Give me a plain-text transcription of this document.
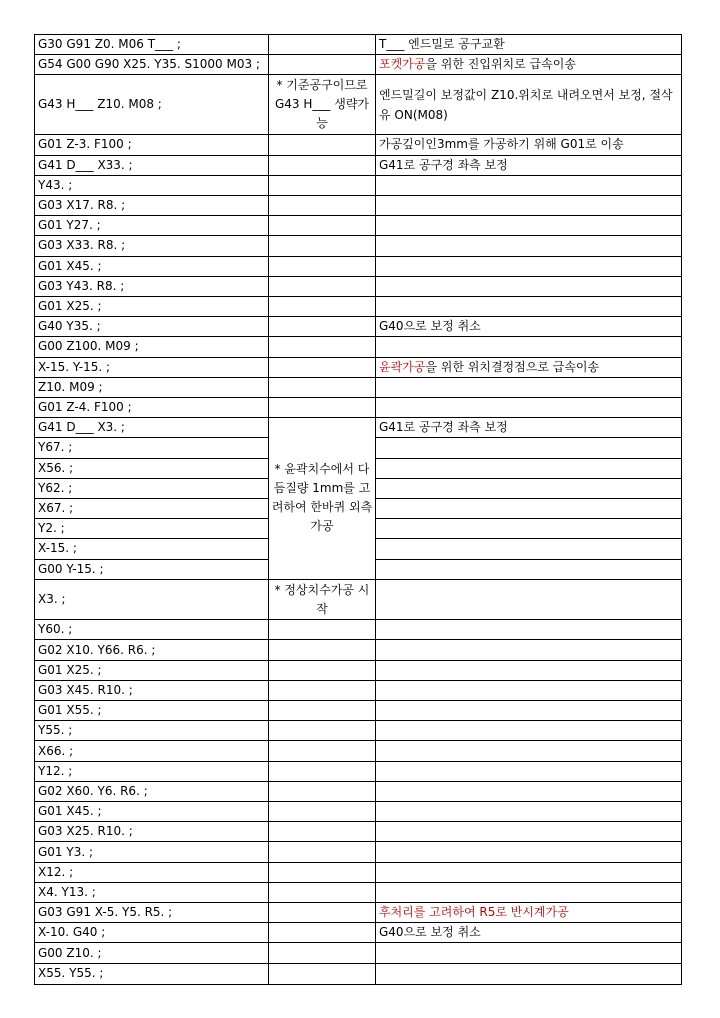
G30 G91 Z0. M06 T___ ;
G54 G00 G90 X25. Y35. S1000 M03 ;
G43 H___ Z10. M08 ;
G01 Z-3. F100 ;
G41 D___ X33. ;
Y43. ;
G03 X17. R8. ;
G01 Y27. ;
G03 X33. R8. ;
G01 X45. ;
G03 Y43. R8. ;
G01 X25. ;
G40 Y35. ;
G00 Z100. M09 ;
X-15. Y-15. ;
Z10. M09 ;
G01 Z-4. F100 ;
G41 D___ X3. ;
Y67. ;
X56. ;
Y62. ;
X67. ;
Y2. ;
X-15. ;
G00 Y-15. ;
X3. ;
Y60. ;
G02 X10. Y66. R6. ;
G01 X25. ;
G03 X45. R10. ;
G01 X55. ;
Y55. ;
X66. ;
Y12. ;
G02 X60. Y6. R6. ;
G01 X45. ;
G03 X25. R10. ;
G01 Y3. ;
X12. ;
X4. Y13. ;
G03 G91 X-5. Y5. R5. ;
X-10. G40 ;
G00 Z10. ;
X55. Y55. ;
* 기준공구이므로 G43 H___ 생략가능
* 윤곽치수에서 다듬질량 1mm를 고려하여 한바퀴 외측가공
* 정상치수가공 시작
T___ 엔드밀로 공구교환
포켓가공을 위한 진입위치로 급속이송
엔드밀길이 보정값이 Z10.위치로 내려오면서 보정, 절삭유 ON(M08)
가공깊이인3mm를 가공하기 위해 G01로 이송
G41로 공구경 좌측 보정
G40으로 보정 취소
윤곽가공을 위한 위치결정점으로 급속이송
G41로 공구경 좌측 보정
후처리를 고려하여 R5로 반시계가공
G40으로 보정 취소
